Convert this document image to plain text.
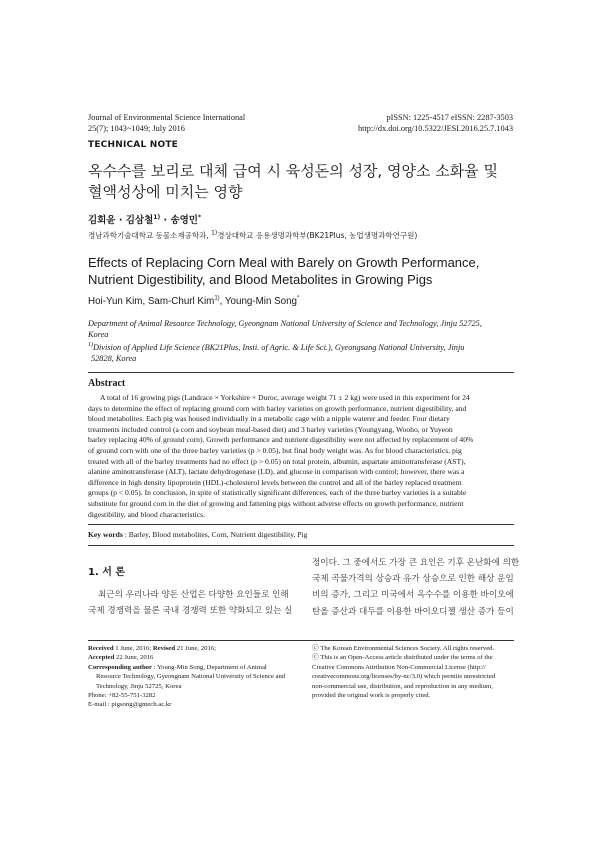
Journal of Environmental Science International
25(7); 1043~1049; July 2016
pISSN: 1225-4517 eISSN: 2287-3503
http://dx.doi.org/10.5322/JESI.2016.25.7.1043
TECHNICAL NOTE
옥수수를 보리로 대체 급여 시 육성돈의 성장, 영양소 소화율 및
혈액성상에 미치는 영향
김회윤 · 김삼철$^{1)}$ · 송영민*
경남과학기술대학교 동물소재공학과, $^{1)}$경상대학교 응용생명과학부(BK21Plus, 농업생명과학연구원)
Effects of Replacing Corn Meal with Barely on Growth Performance,
Nutrient Digestibility, and Blood Metabolites in Growing Pigs
Hoi-Yun Kim, Sam-Churl Kim$^{1)}$, Young-Min Song*
Department of Animal Resource Technology, Gyeongnam National University of Science and Technology, Jinju 52725,
Korea
$^{1)}$Division of Applied Life Science (BK21Plus, Insti. of Agric. & Life Sci.), Gyeongsang National University, Jinju
52828, Korea
Abstract
A total of 16 growing pigs (Landrace × Yorkshire × Duroc, average weight 71 ± 2 kg) were used in this experiment for 24
days to determine the effect of replacing ground corn with barley varieties on growth performance, nutrient digestibility, and
blood metabolites. Each pig was housed individually in a metabolic cage with a nipple waterer and feeder. Four dietary
treatments included control (a corn and soybean meal-based diet) and 3 barley varieties (Youngyang, Wooho, or Yuyeon
barley replacing 40% of ground corn). Growth performance and nutrient digestibility were not affected by replacement of 40%
of ground corn with one of the three barley varieties (p > 0.05), but final body weight was. As for blood characteristics, pig
treated with all of the barley treatments had no effect (p > 0.05) on total protein, albumin, aspartate aminotransferase (AST),
alanine aminotransferase (ALT), lactate dehydrogenase (LD), and glucose in comparison with control; however, there was a
difference in high density lipoprotein (HDL)-cholesterol levels between the control and all of the barley replaced treatment
groups (p < 0.05). In conclusion, in spite of statistically significant differences, each of the three barley varieties is a suitable
substitute for ground corn in the diet of growing and fattening pigs without adverse effects on growth performance, nutrient
digestibility, and blood characteristics.
Key words : Barley, Blood metabolites, Corn, Nutrient digestibility, Pig
1. 서 론
최근의 우리나라 양돈 산업은 다양한 요인들로 인해
국제 경쟁력을 물론 국내 경쟁력 또한 약화되고 있는 실
정이다. 그 중에서도 가장 큰 요인은 기후 온난화에 의한
국제 곡물가격의 상승과 유가 상승으로 인한 해상 운임
비의 증가, 그리고 미국에서 옥수수를 이용한 바이오에
탄올 증산과 대두를 이용한 바이오디젤 생산 증가 등이
Received 1 June, 2016; Revised 21 June, 2016;
Accepted 22 June, 2016
Corresponding author : Young-Min Song, Department of Animal
Resource Technology, Gyeongnam National University of Science and
Technology, Jinju 52725, Korea
Phone: +82-55-751-3282
E-mail : pigsong@gntech.ac.kr
ⓒ The Korean Environmental Sciences Society. All rights reserved.
ⓒ This is an Open-Access article distributed under the terms of the
Creative Commons Attribution Non-Commercial License (http://
creativecommons.org/licenses/by-nc/3.0) which permits unrestricted
non-commercial use, distribution, and reproduction in any medium,
provided the original work is properly cited.
